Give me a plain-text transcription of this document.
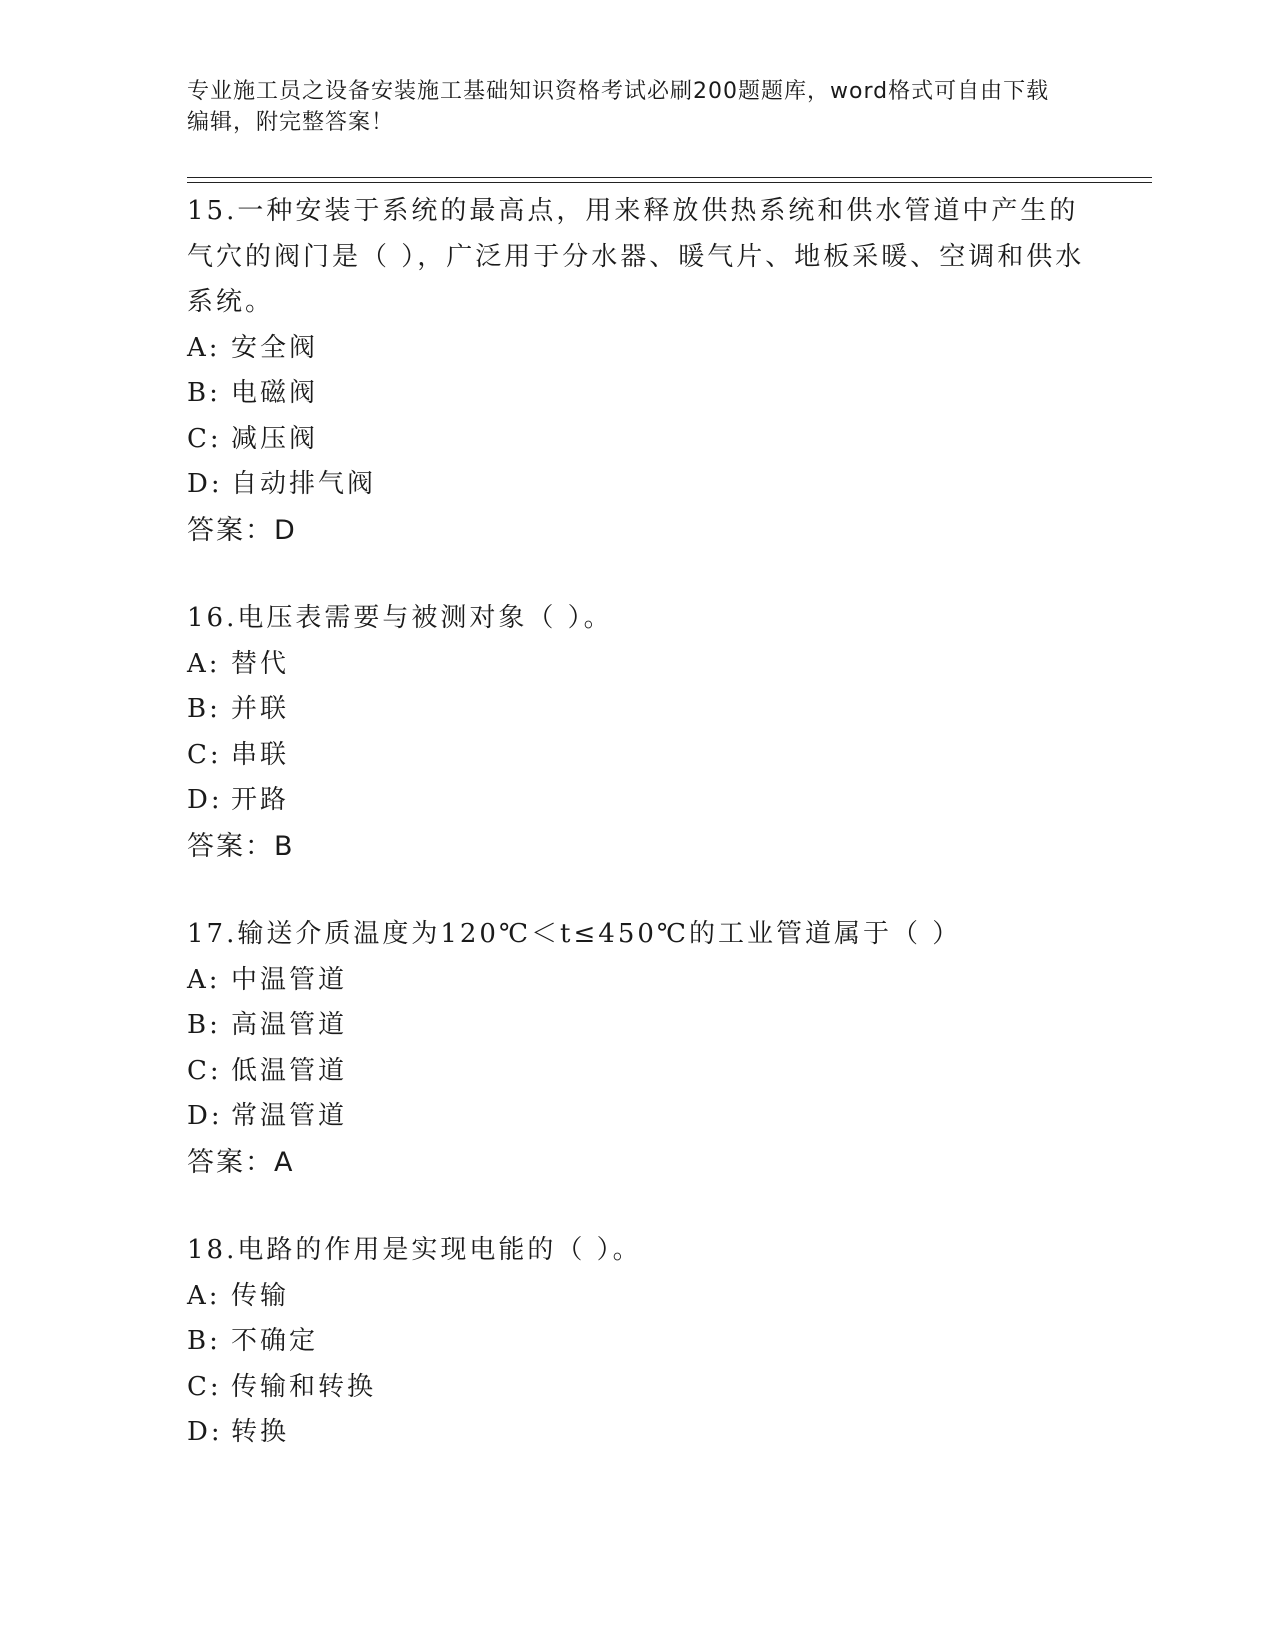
专业施工员之设备安装施工基础知识资格考试必刷200题题库，word格式可自由下载编辑，附完整答案！

15.一种安装于系统的最高点，用来释放供热系统和供水管道中产生的气穴的阀门是（ ），广泛用于分水器、暖气片、地板采暖、空调和供水系统。

A: 安全阀

B: 电磁阀

C: 减压阀

D: 自动排气阀

答案：D

16.电压表需要与被测对象（ ）。

A: 替代

B: 并联

C: 串联

D: 开路

答案：B

17.输送介质温度为120℃＜t≤450℃的工业管道属于（ ）

A: 中温管道

B: 高温管道

C: 低温管道

D: 常温管道

答案：A

18.电路的作用是实现电能的（ ）。

A: 传输

B: 不确定

C: 传输和转换

D: 转换
